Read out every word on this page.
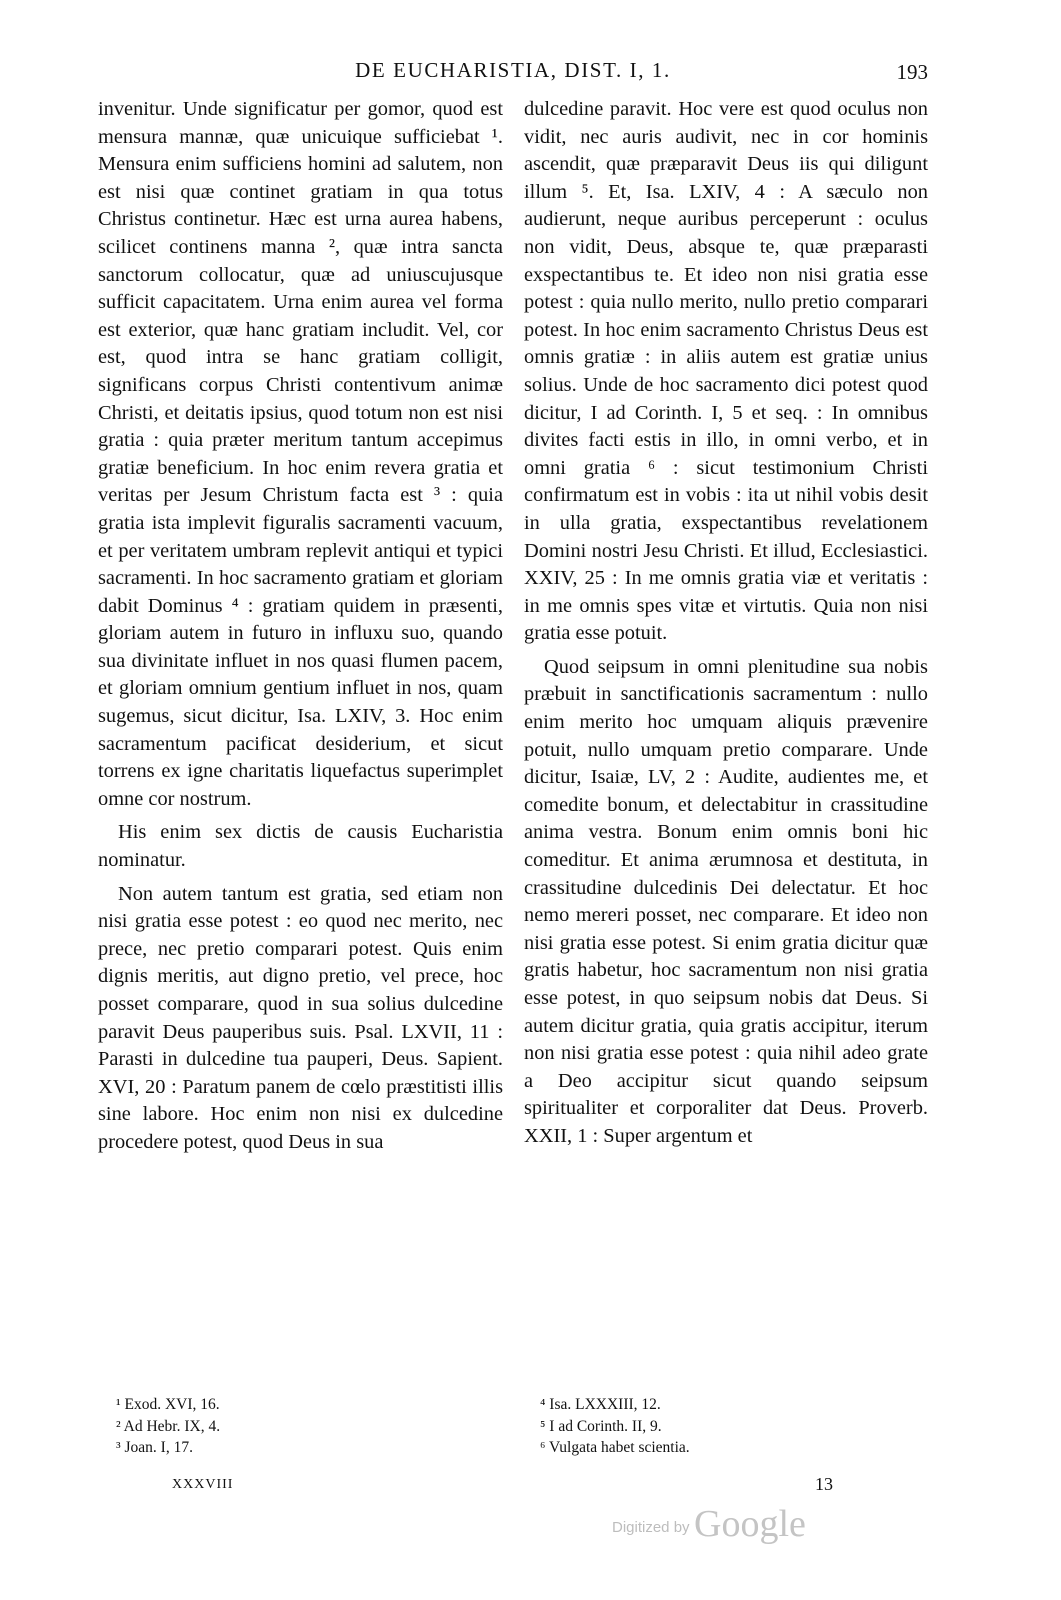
DE EUCHARISTIA, DIST. I, 1.	193

invenitur. Unde significatur per gomor, quod est mensura mannæ, quæ unicuique sufficiebat ¹. Mensura enim sufficiens homini ad salutem, non est nisi quæ continet gratiam in qua totus Christus continetur. Hæc est urna aurea habens, scilicet continens manna ², quæ intra sancta sanctorum collocatur, quæ ad uniuscujusque sufficit capacitatem. Urna enim aurea vel forma est exterior, quæ hanc gratiam includit. Vel, cor est, quod intra se hanc gratiam colligit, significans corpus Christi contentivum animæ Christi, et deitatis ipsius, quod totum non est nisi gratia : quia præter meritum tantum accepimus gratiæ beneficium. In hoc enim revera gratia et veritas per Jesum Christum facta est ³ : quia gratia ista implevit figuralis sacramenti vacuum, et per veritatem umbram replevit antiqui et typici sacramenti. In hoc sacramento gratiam et gloriam dabit Dominus ⁴ : gratiam quidem in præsenti, gloriam autem in futuro in influxu suo, quando sua divinitate influet in nos quasi flumen pacem, et gloriam omnium gentium influet in nos, quam sugemus, sicut dicitur, Isa. LXIV, 3. Hoc enim sacramentum pacificat desiderium, et sicut torrens ex igne charitatis liquefactus superimplet omne cor nostrum.

His enim sex dictis de causis Eucharistia nominatur.

Non autem tantum est gratia, sed etiam non nisi gratia esse potest : eo quod nec merito, nec prece, nec pretio comparari potest. Quis enim dignis meritis, aut digno pretio, vel prece, hoc posset comparare, quod in sua solius dulcedine paravit Deus pauperibus suis. Psal. LXVII, 11 : Parasti in dulcedine tua pauperi, Deus. Sapient. XVI, 20 : Paratum panem de cœlo præstitisti illis sine labore. Hoc enim non nisi ex dulcedine procedere potest, quod Deus in sua

dulcedine paravit. Hoc vere est quod oculus non vidit, nec auris audivit, nec in cor hominis ascendit, quæ præparavit Deus iis qui diligunt illum ⁵. Et, Isa. LXIV, 4 : A sæculo non audierunt, neque auribus perceperunt : oculus non vidit, Deus, absque te, quæ præparasti exspectantibus te. Et ideo non nisi gratia esse potest : quia nullo merito, nullo pretio comparari potest. In hoc enim sacramento Christus Deus est omnis gratiæ : in aliis autem est gratiæ unius solius. Unde de hoc sacramento dici potest quod dicitur, I ad Corinth. I, 5 et seq. : In omnibus divites facti estis in illo, in omni verbo, et in omni gratia ⁶ : sicut testimonium Christi confirmatum est in vobis : ita ut nihil vobis desit in ulla gratia, exspectantibus revelationem Domini nostri Jesu Christi. Et illud, Ecclesiastici. XXIV, 25 : In me omnis gratia viæ et veritatis : in me omnis spes vitæ et virtutis. Quia non nisi gratia esse potuit.

Quod seipsum in omni plenitudine sua nobis præbuit in sanctificationis sacramentum : nullo enim merito hoc umquam aliquis prævenire potuit, nullo umquam pretio comparare. Unde dicitur, Isaiæ, LV, 2 : Audite, audientes me, et comedite bonum, et delectabitur in crassitudine anima vestra. Bonum enim omnis boni hic comeditur. Et anima ærumnosa et destituta, in crassitudine dulcedinis Dei delectatur. Et hoc nemo mereri posset, nec comparare. Et ideo non nisi gratia esse potest. Si enim gratia dicitur quæ gratis habetur, hoc sacramentum non nisi gratia esse potest, in quo seipsum nobis dat Deus. Si autem dicitur gratia, quia gratis accipitur, iterum non nisi gratia esse potest : quia nihil adeo grate a Deo accipitur sicut quando seipsum spiritualiter et corporaliter dat Deus. Proverb. XXII, 1 : Super argentum et

¹ Exod. XVI, 16.
² Ad Hebr. IX, 4.
³ Joan. I, 17.
⁴ Isa. LXXXIII, 12.
⁵ I ad Corinth. II, 9.
⁶ Vulgata habet scientia.
XXXVIII	13
Digitized by Google
